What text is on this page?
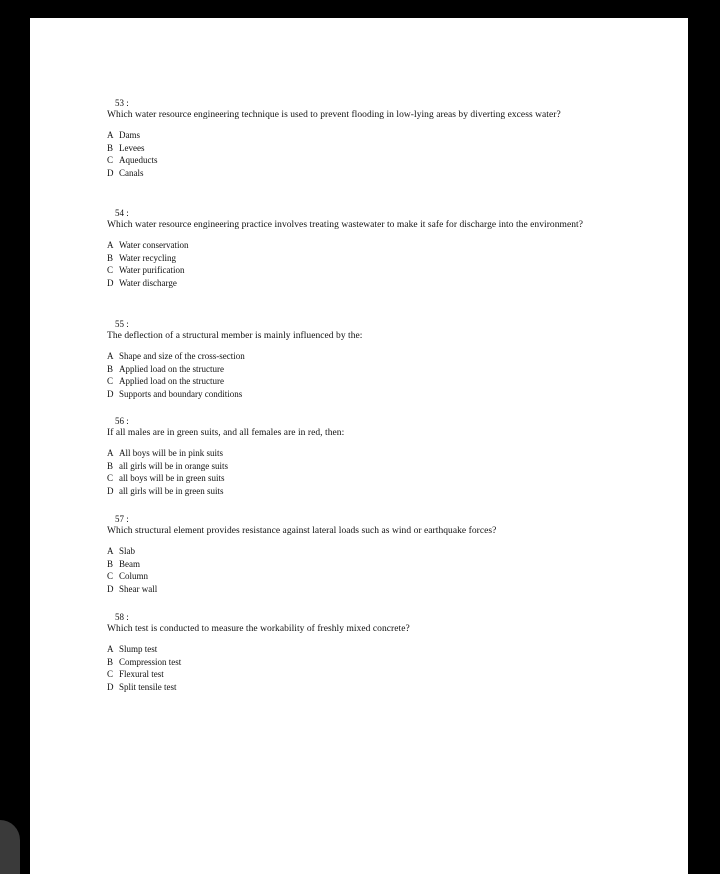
53 :

Which water resource engineering technique is used to prevent flooding in low-lying areas by diverting excess water?

A Dams
B Levees
C Aqueducts
D Canals

54 :

Which water resource engineering practice involves treating wastewater to make it safe for discharge into the environment?

A Water conservation
B Water recycling
C Water purification
D Water discharge

55 :

The deflection of a structural member is mainly influenced by the:

A Shape and size of the cross-section
B Applied load on the structure
C Applied load on the structure
D Supports and boundary conditions

56 :

If all males are in green suits, and all females are in red, then:

A All boys will be in pink suits
B all girls will be in orange suits
C all boys will be in green suits
D all girls will be in green suits

57 :

Which structural element provides resistance against lateral loads such as wind or earthquake forces?

A Slab
B Beam
C Column
D Shear wall

58 :

Which test is conducted to measure the workability of freshly mixed concrete?

A Slump test
B Compression test
C Flexural test
D Split tensile test
